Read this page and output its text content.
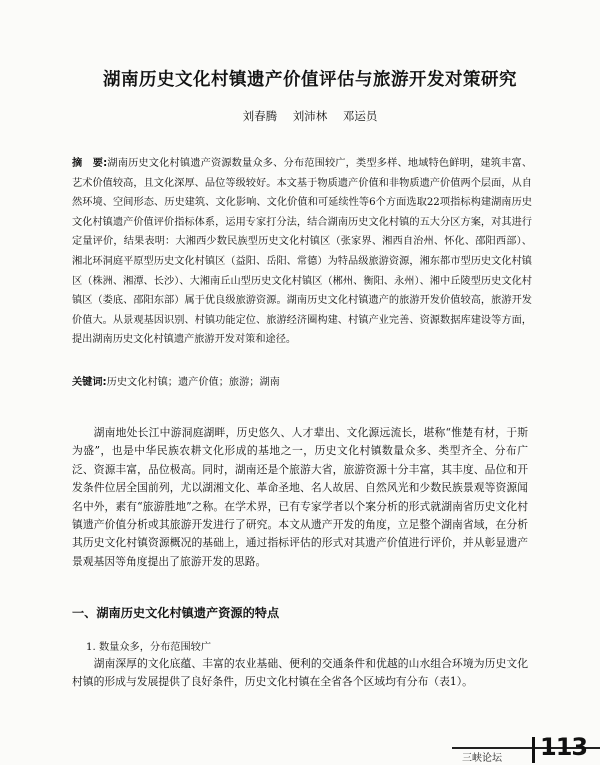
湖南历史文化村镇遗产价值评估与旅游开发对策研究
刘春腾 刘沛林 邓运员
摘　要:湖南历史文化村镇遗产资源数量众多、分布范围较广，类型多样、地域特色鲜明，建筑丰富、艺术价值较高，且文化深厚、品位等级较好。本文基于物质遗产价值和非物质遗产价值两个层面，从自然环境、空间形态、历史建筑、文化影响、文化价值和可延续性等6个方面选取22项指标构建湖南历史文化村镇遗产价值评价指标体系，运用专家打分法，结合湖南历史文化村镇的五大分区方案，对其进行定量评价，结果表明：大湘西少数民族型历史文化村镇区（张家界、湘西自治州、怀化、邵阳西部）、湘北环洞庭平原型历史文化村镇区（益阳、岳阳、常德）为特品级旅游资源，湘东都市型历史文化村镇区（株洲、湘潭、长沙）、大湘南丘山型历史文化村镇区（郴州、衡阳、永州）、湘中丘陵型历史文化村镇区（娄底、邵阳东部）属于优良级旅游资源。湖南历史文化村镇遗产的旅游开发价值较高，旅游开发价值大。从景观基因识别、村镇功能定位、旅游经济圈构建、村镇产业完善、资源数据库建设等方面，提出湖南历史文化村镇遗产旅游开发对策和途径。
关键词:历史文化村镇；遗产价值；旅游；湖南
湖南地处长江中游洞庭湖畔，历史悠久、人才辈出、文化源远流长，堪称“惟楚有材，于斯为盛”，也是中华民族农耕文化形成的基地之一，历史文化村镇数量众多、类型齐全、分布广泛、资源丰富，品位极高。同时，湖南还是个旅游大省，旅游资源十分丰富，其丰度、品位和开发条件位居全国前列，尤以湖湘文化、革命圣地、名人故居、自然风光和少数民族景观等资源闻名中外，素有“旅游胜地”之称。在学术界，已有专家学者以个案分析的形式就湖南省历史文化村镇遗产价值分析或其旅游开发进行了研究。本文从遗产开发的角度，立足整个湖南省域，在分析其历史文化村镇资源概况的基础上，通过指标评估的形式对其遗产价值进行评价，并从彰显遗产景观基因等角度提出了旅游开发的思路。
一、湖南历史文化村镇遗产资源的特点
1. 数量众多，分布范围较广
湖南深厚的文化底蕴、丰富的农业基础、便利的交通条件和优越的山水组合环境为历史文化村镇的形成与发展提供了良好条件，历史文化村镇在全省各个区域均有分布（表1）。
三峡论坛 113
